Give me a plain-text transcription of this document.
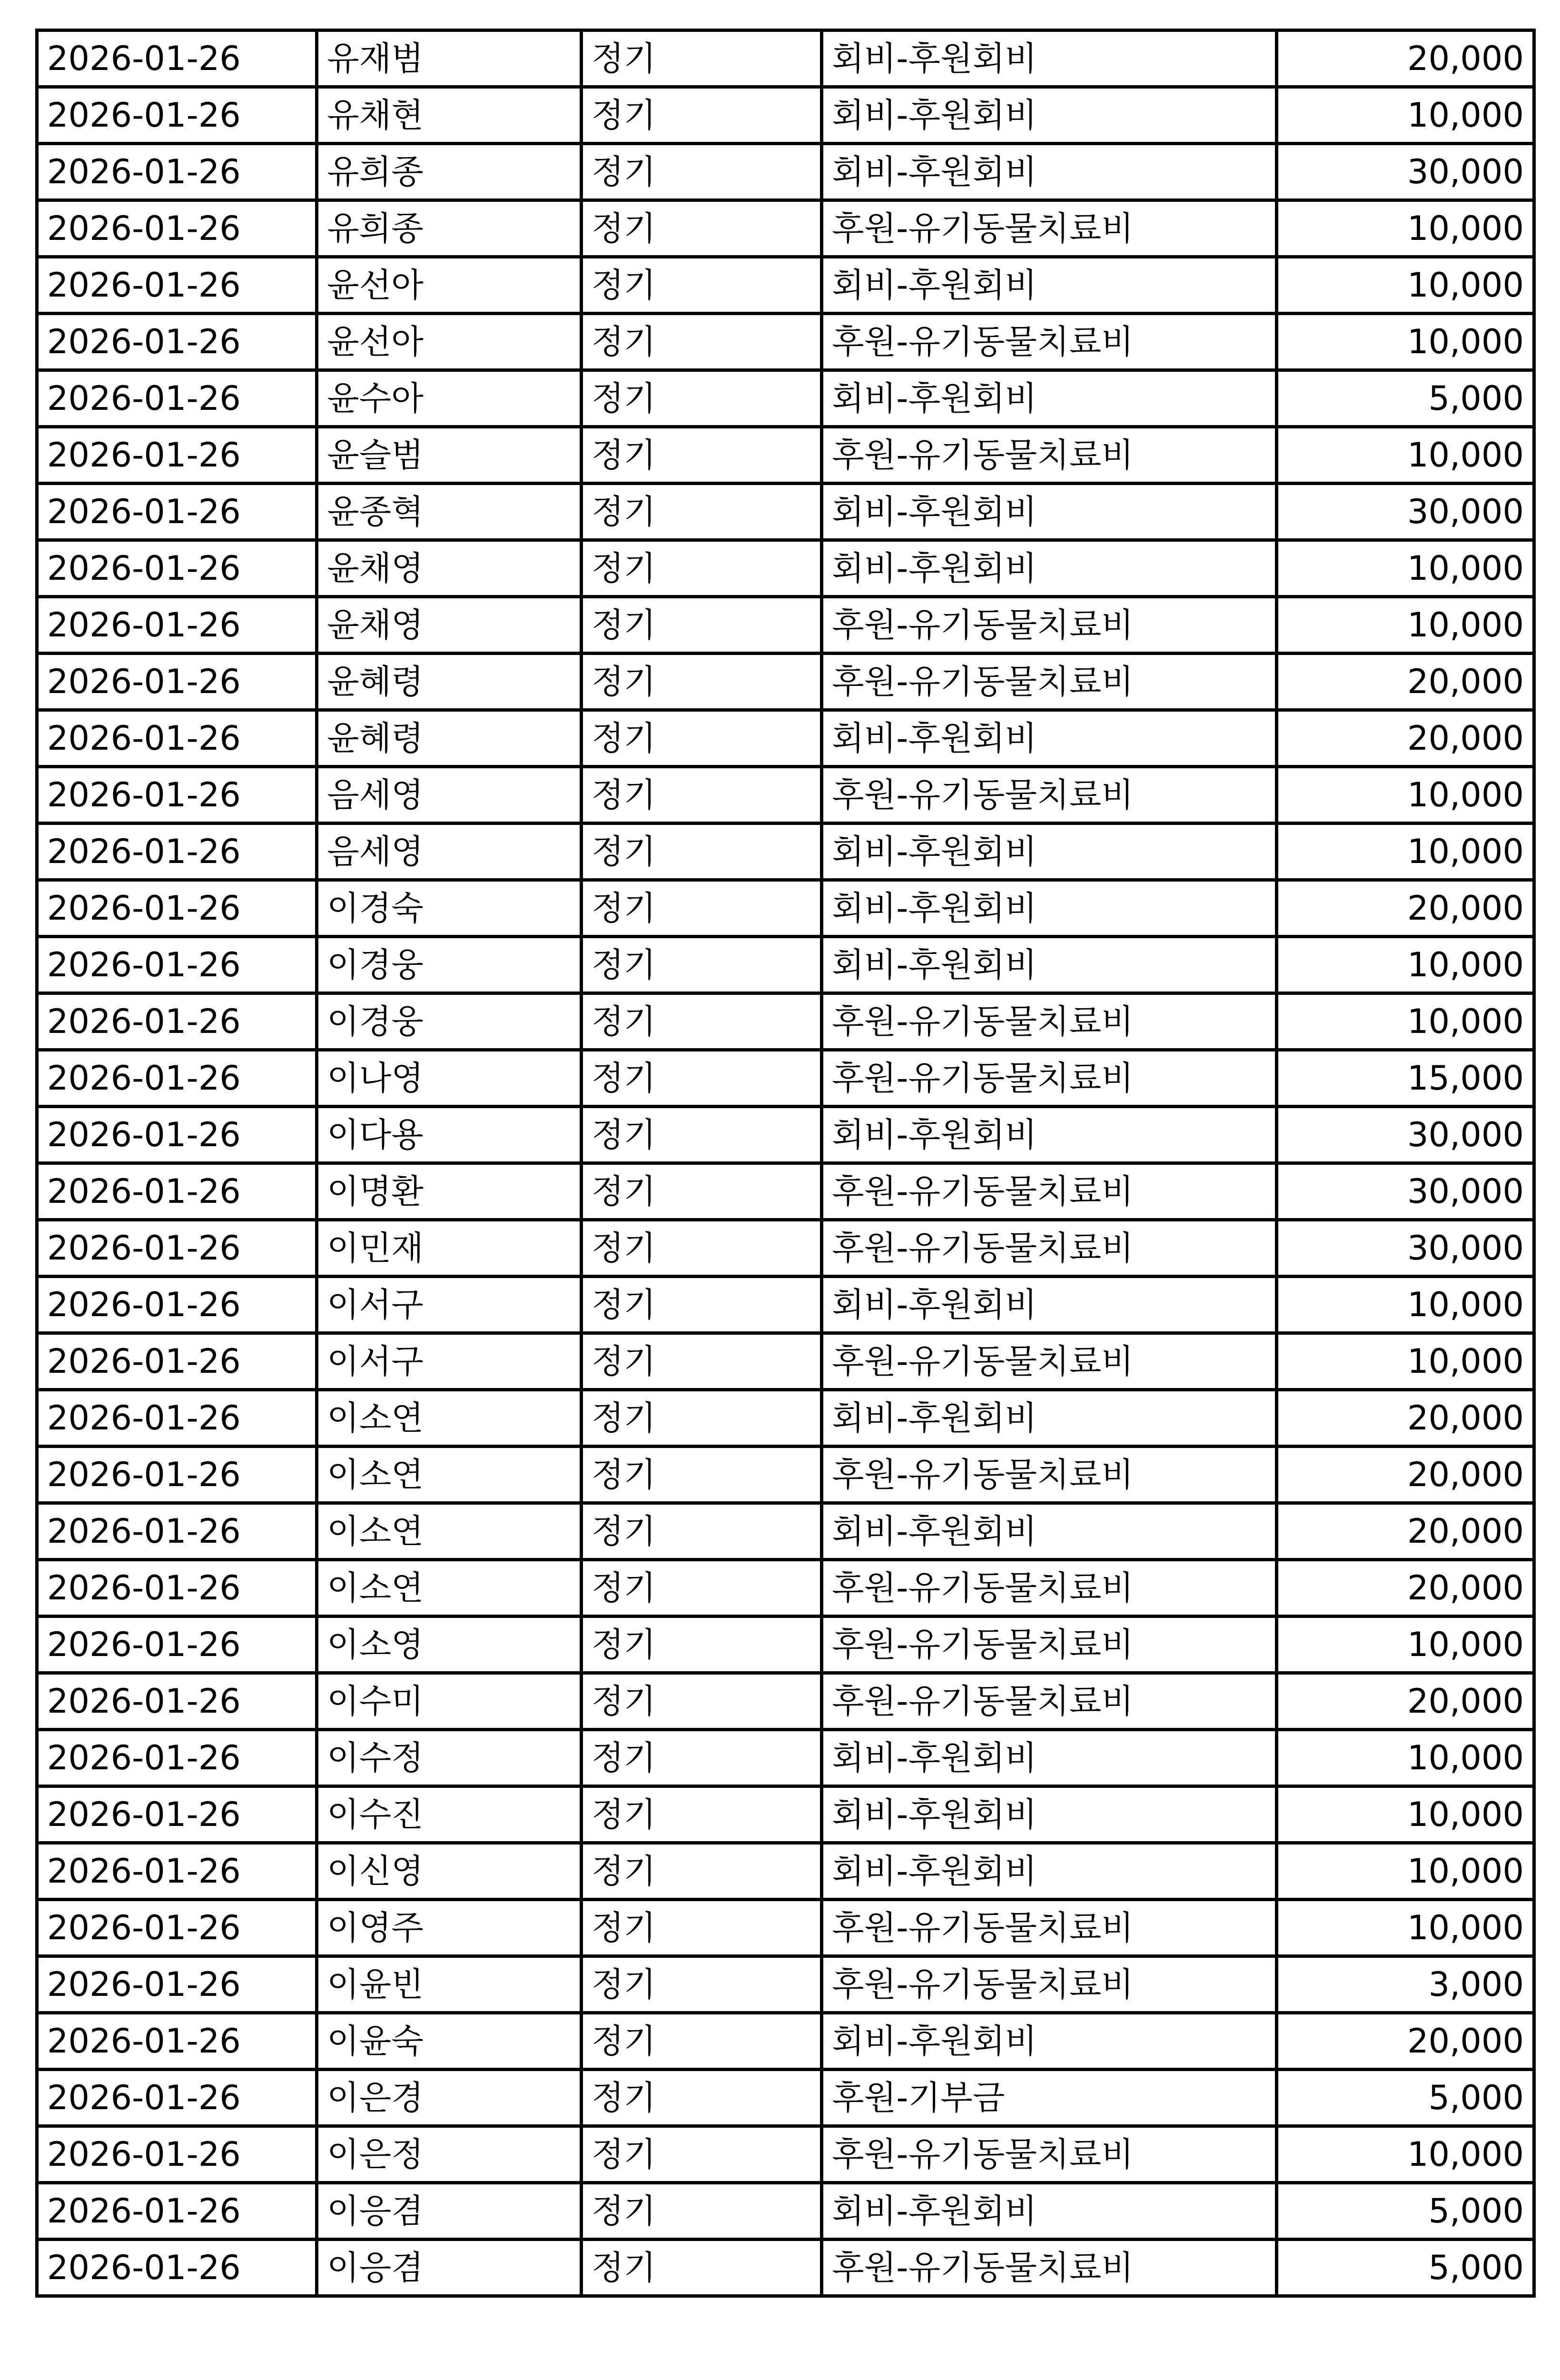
2026-01-26	유재범	정기	회비-후원회비	20,000
2026-01-26	유채현	정기	회비-후원회비	10,000
2026-01-26	유희종	정기	회비-후원회비	30,000
2026-01-26	유희종	정기	후원-유기동물치료비	10,000
2026-01-26	윤선아	정기	회비-후원회비	10,000
2026-01-26	윤선아	정기	후원-유기동물치료비	10,000
2026-01-26	윤수아	정기	회비-후원회비	5,000
2026-01-26	윤슬범	정기	후원-유기동물치료비	10,000
2026-01-26	윤종혁	정기	회비-후원회비	30,000
2026-01-26	윤채영	정기	회비-후원회비	10,000
2026-01-26	윤채영	정기	후원-유기동물치료비	10,000
2026-01-26	윤혜령	정기	후원-유기동물치료비	20,000
2026-01-26	윤혜령	정기	회비-후원회비	20,000
2026-01-26	음세영	정기	후원-유기동물치료비	10,000
2026-01-26	음세영	정기	회비-후원회비	10,000
2026-01-26	이경숙	정기	회비-후원회비	20,000
2026-01-26	이경웅	정기	회비-후원회비	10,000
2026-01-26	이경웅	정기	후원-유기동물치료비	10,000
2026-01-26	이나영	정기	후원-유기동물치료비	15,000
2026-01-26	이다용	정기	회비-후원회비	30,000
2026-01-26	이명환	정기	후원-유기동물치료비	30,000
2026-01-26	이민재	정기	후원-유기동물치료비	30,000
2026-01-26	이서구	정기	회비-후원회비	10,000
2026-01-26	이서구	정기	후원-유기동물치료비	10,000
2026-01-26	이소연	정기	회비-후원회비	20,000
2026-01-26	이소연	정기	후원-유기동물치료비	20,000
2026-01-26	이소연	정기	회비-후원회비	20,000
2026-01-26	이소연	정기	후원-유기동물치료비	20,000
2026-01-26	이소영	정기	후원-유기동물치료비	10,000
2026-01-26	이수미	정기	후원-유기동물치료비	20,000
2026-01-26	이수정	정기	회비-후원회비	10,000
2026-01-26	이수진	정기	회비-후원회비	10,000
2026-01-26	이신영	정기	회비-후원회비	10,000
2026-01-26	이영주	정기	후원-유기동물치료비	10,000
2026-01-26	이윤빈	정기	후원-유기동물치료비	3,000
2026-01-26	이윤숙	정기	회비-후원회비	20,000
2026-01-26	이은경	정기	후원-기부금	5,000
2026-01-26	이은정	정기	후원-유기동물치료비	10,000
2026-01-26	이응겸	정기	회비-후원회비	5,000
2026-01-26	이응겸	정기	후원-유기동물치료비	5,000
